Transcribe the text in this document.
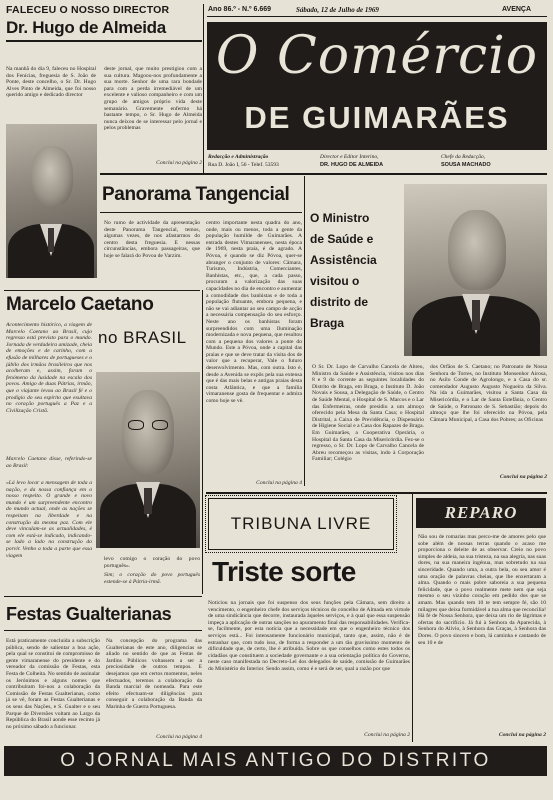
FALECEU O NOSSO DIRECTOR
Dr. Hugo de Almeida
Na manhã do dia 9, faleceu no Hospital dos Fenícias, freguesia de S. João de Ponte, deste concelho, o Sr. Dr. Hugo Alves Pinto de Almeida, que foi nosso querido amigo e dedicado director
deste jornal, que muito prestigiou com a sua cultura. Magoou-nos profundamente a sua morte. Senhor de uma rara bondade para com a perda irremediável de um excelente e valioso companheiro e com um grupo de amigos próprio vida deste semanário. Gravemente enfermo há bastante tempo, o Sr. Hugo de Almeida nunca deixou de se interessar pelo jornal e pelos problemas
Conclui na página 2
Ano 86.º - N.º 6.669	Sábado, 12 de Julho de 1969	AVENÇA
O Comércio
DE GUIMARÃES
Redacção e Administração
Rua D. João I, 56 - Telef. 53593
Director e Editor Interino,
DR. HUGO DE ALMEIDA
Chefe da Redacção,
SOUSA MACHADO
Panorama Tangencial
No rumo de actividade da apresentação deste Panorama Tangencial, temos, algumas vezes, de nos afastarmos do centro desta freguesia. E nessas circunstâncias, embora passageiras, que hoje se falará do Povoa de Varzim.
centro importante nesta quadra do ano, onde, mais ou menos, toda a gente da população humilde de Guimarães. A entrada destes Vimaranenses, nesta época de 1969, nesta praia, é de agrado. A Póvoa, é quando se diz Póvoa, quer-se abranger o conjunto de valores: Câmara, Turismo, Indústria, Comerciantes, Banhistas, etc., que, a cada passo, procuram a valorização das suas capacidades no dia de encontro e aumentar a comodidade dos banhistas e de toda a população flutuante, embora pequena, e não se vai adiantar ao seu campo de acção a necessária compensação do seu esforço. Neste ano os banhistas foram surpreendidos com uma Iluminação modernizada e nova pequena, que resultou com a pequena dos valores a ponte do Mundo. Este a Póvoa, onde a capital das praias e que se deve tratar da visita dos de valor que a recuperar, Vale o futuro desenvolvimento. Mas, com outra. Isto é, desde a Avenida se expôs pela sua extensa que é das mais belas e antigas praias desta costa Atlântica, e que a família vimaranense gosta de frequentar e admira como hoje se vê.
Conclui na página 4
O Ministro
de Saúde e
Assistência
visitou o
distrito de
Braga
O Sr. Dr. Lopo de Carvalho Cancela de Abreu, Ministro da Saúde e Assistência, visitou nos dias 8 e 9 do corrente as seguintes localidades do Distrito de Braga, em Braga, o Instituto D. João Novais e Sousa, a Delegação de Saúde, o Centro de Saúde Mental, o Hospital de S. Marcos e o Lar das Enfermeiras, onde presidiu a um almoço oferecido pela Mesa da Santa Casa; o Hospital Distrital, a Caixa de Previdência, o Dispensário de Higiene Social e a Casa dos Rapazes de Braga. Em Guimarães, a Cooperativa Operária, o Hospital da Santa Casa da Misericórdia. Fez-se o regresso, o Sr. Dr. Lopo de Carvalho Cancela de Abreu recomeçou as visitas, indo à Corporação Familiar; Colégio
dos Órfãos de S. Caetano; no Patronato de Nossa Senhora de Torres, no Instituto Monsenhor Airosa, no Asilo Conde de Agrolongo, e a Casa do sr. comendador Augusto Augusto Nogueira da Silva. Na ida a Guimarães, visitou a Santa Casa da Misericórdia, e o Lar de Santa Estefânia, o Centro de Saúde, o Patronato de S. Sebastião; depois do almoço que lhe foi oferecido na Póvoa, pela Câmara Municipal, a Casa dos Pobres; as Oficinas
Conclui na página 2
Marcelo Caetano
no BRASIL
Acontecimento histórico, a viagem de Marcelo Caetano ao Brasil, cujo regresso está previsto para o mundo. Jornada de verdadeira amizade, cheia de emoções e de carinho, com a efusão de milhares de portugueses e o júbilo dos irmãos brasileiros que nos acolheram e, assim, foram o fenómeno da lusidade na escala dos povos. Amigo de duas Pátrias, irmão, que o viajante levou ao Brasil fé e o prodígio do seu espírito que exultava no coração português a Paz e a Civilização Cristã.
Marcelo Caetano disse, referindo-se ao Brasil:
«Lá levo locar a mensagem de toda a nação, e da nossa confiança em o nosso respeito. O grande e novo mundo é um surpreendente encontro do mundo actual, onde as nações se respeitam na liberdade e na construção da mesma paz. Com ele deve vinculam-se as actualidades, é com ele está-se indicado, indicando-se lado a lado na construção do porvir. Venho a toda a parte que essa viagem
levo comigo o coração do povo português».
Sim; o coração do povo português estende-se à Pátria-irmã.
TRIBUNA LIVRE
Triste sorte
Noticiou na jornais que foi suspenso dos seus funções pela Câmara, sem direito a vencimento, o engenheiro chefe dos serviços técnicos do concelho de Almada em virtude de uma sindicância que decorre, instaurada àqueles serviços, e à qual que essa suspensão impeça a aplicação de outras sanções no apuramento final das responsabilidades. Verifica-se, facilmente, por esta notícia que a necessidade em que o engenheiro técnico dos serviços está... Foi intensamente funcionário municipal, tanto que, assim, não é de estranhar que, com tudo isso, de forma a responder a um tão gravíssimo momento de dificuldade que, de certo, lhe é atribuída. Sobre os que conselhos como estes todos os cidadãos que constituem a sociedade governante e a sua orientação política do Governo, neste caso manifestada no Decreto-Lei dos delegados de saúde, comissão de Guimarães do Ministério do Interior. Sendo assim, como é e será de ser, qual a razão por que
Conclui na página 2
REPARO
Não sou de romarias mas perco-me de amores pelo que sobe além de nossas terras quando o acaso me proporciona o deleite de as observar. Creio no povo simples de aldeia, na sua tristeza, na sua alegria, nas suas dores, na sua maneira ingénua, mas sobretudo na sua sinceridade. Quando uma, a outra bela, ou seu amor é uma oração de palavras cheias, que lhe enxertaram a alma. Quando o mais pobre saboreia a sua pequena felicidade, que o povo realmente mete nem que seja mesmo o seu vizinho coração em pedido dos que se amam. Mas quando tem 10 te tem sempre fé, são 10 milagres que deixa formidável a tua alma que reconcilia! Há fé de Nossa Senhora, que deixa um rio de lágrimas e ofertas do sacrifício. Já fui à Senhora da Aparecida, à Senhora do Alívio, à Senhora das Graças, à Senhora das Dores. O povo sincero e bom, lá caminha e cantando de seu 10 e de
Conclui na página 2
Festas Gualterianas
Está praticamente concluída a subscrição pública, sendo de salientar a boa ação, pela qual se constitui de compromisso de gente vimaranense do presidente e do vereador da comissão de Festas, esta Festa de Colheita. No sentido de assinalar os Jerónimos e alguns nomes que contribuíram foi-nos a colaboração da Comissão de Festas Gualterianas, como já se vê, foram as Festas Gualterianas e os seus das Nações, e S. Gualter e o seu Parque de Diversões voltam ao Largo da República do Brasil aonde esse recinto já no próximo sábado a funcionar.
Na concepção do programa das Gualterianas de este ano, diligencias se aliado no sentido de que as Festas de Jardins Públicos voltassem a ser a preciosidade de outros tempos. E desejamos que em certos momentos, neles efectuados, teremos a colaboração da Banda marcial de nomeada. Para este efeito efectuam-se diligências para conseguir a colaboração da Banda da Marinha de Guerra Portuguesa.
Conclui na página 4
O JORNAL MAIS ANTIGO DO DISTRITO
